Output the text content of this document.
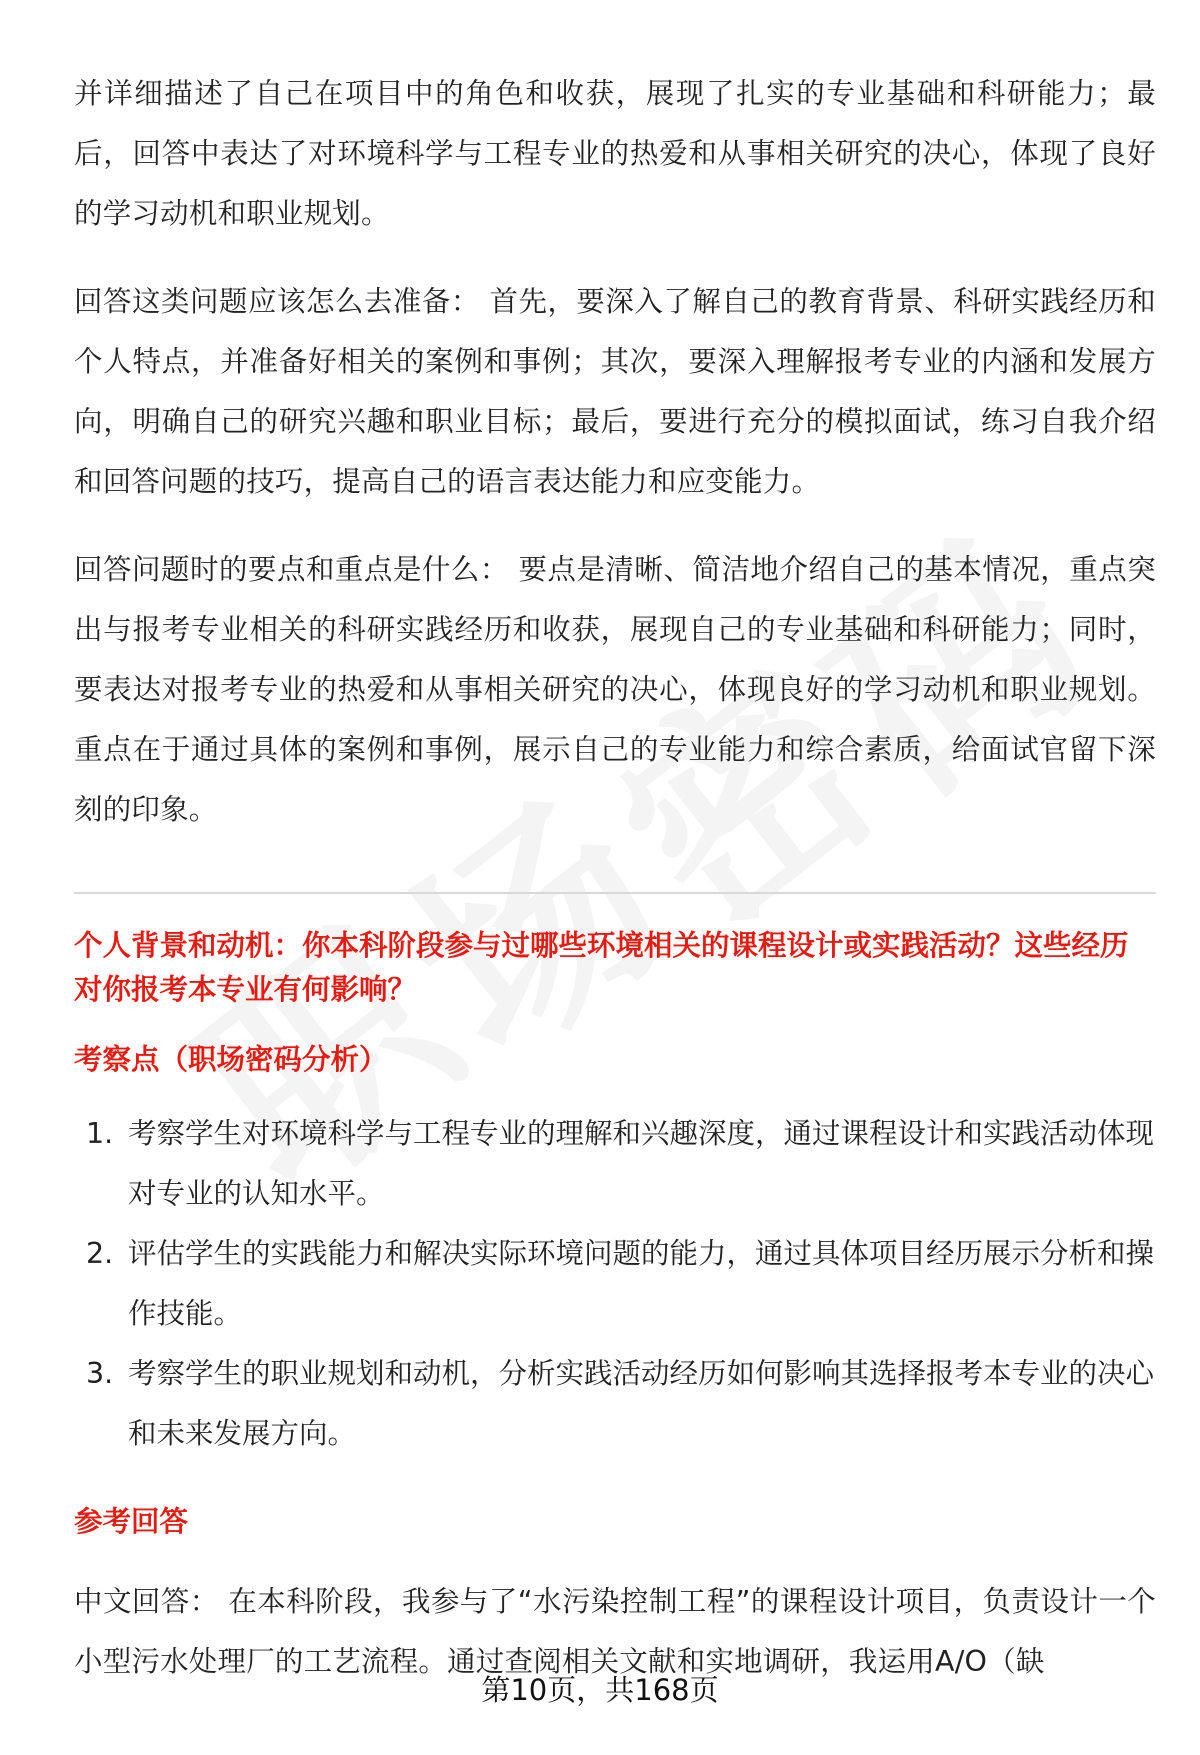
并详细描述了自己在项目中的角色和收获，展现了扎实的专业基础和科研能力；最后，回答中表达了对环境科学与工程专业的热爱和从事相关研究的决心，体现了良好的学习动机和职业规划。

回答这类问题应该怎么去准备： 首先，要深入了解自己的教育背景、科研实践经历和个人特点，并准备好相关的案例和事例；其次，要深入理解报考专业的内涵和发展方向，明确自己的研究兴趣和职业目标；最后，要进行充分的模拟面试，练习自我介绍和回答问题的技巧，提高自己的语言表达能力和应变能力。

回答问题时的要点和重点是什么： 要点是清晰、简洁地介绍自己的基本情况，重点突出与报考专业相关的科研实践经历和收获，展现自己的专业基础和科研能力；同时，要表达对报考专业的热爱和从事相关研究的决心，体现良好的学习动机和职业规划。重点在于通过具体的案例和事例，展示自己的专业能力和综合素质，给面试官留下深刻的印象。

个人背景和动机：你本科阶段参与过哪些环境相关的课程设计或实践活动？这些经历对你报考本专业有何影响？

考察点（职场密码分析）

1. 考察学生对环境科学与工程专业的理解和兴趣深度，通过课程设计和实践活动体现对专业的认知水平。
2. 评估学生的实践能力和解决实际环境问题的能力，通过具体项目经历展示分析和操作技能。
3. 考察学生的职业规划和动机，分析实践活动经历如何影响其选择报考本专业的决心和未来发展方向。

参考回答

中文回答： 在本科阶段，我参与了“水污染控制工程”的课程设计项目，负责设计一个小型污水处理厂的工艺流程。通过查阅相关文献和实地调研，我运用A/O（缺

第10页，共168页
